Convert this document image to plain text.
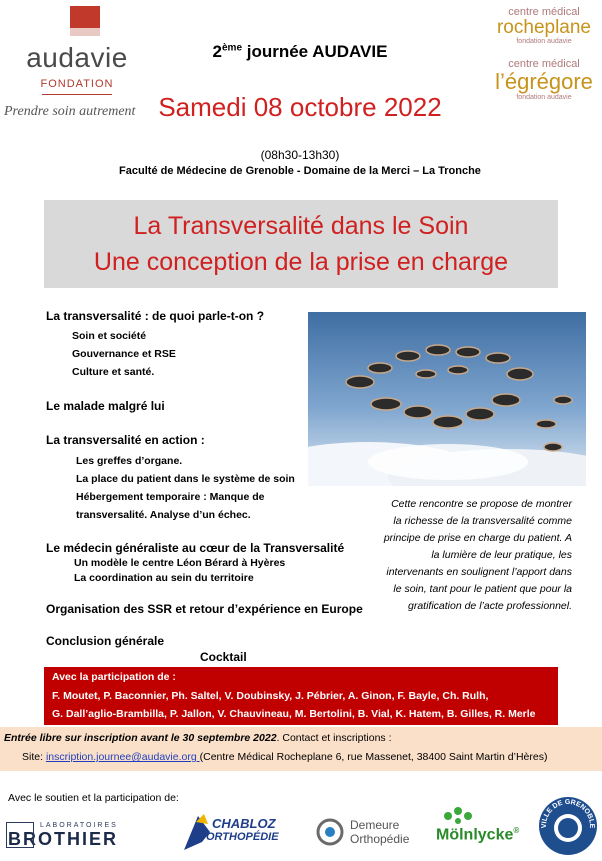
audavie
FONDATION
Prendre soin autrement
centre médical
rocheplane
fondation audavie
centre médical
l’égrégore
fondation audavie
2ème journée AUDAVIE
Samedi 08 octobre 2022
(08h30-13h30)
Faculté de Médecine de Grenoble - Domaine de la Merci – La Tronche
La Transversalité dans le Soin
Une conception de la prise en charge
La transversalité : de quoi parle-t-on ?
Soin et société
Gouvernance et RSE
Culture et santé.
Le malade malgré lui
La transversalité en action :
Les greffes d’organe.
La place du patient dans le système de soin
Hébergement temporaire : Manque de
transversalité. Analyse d’un échec.
Le médecin généraliste au cœur de la Transversalité
Un modèle le centre Léon Bérard à Hyères
La coordination au sein du territoire
Organisation des SSR et retour d’expérience en Europe
Conclusion générale
Cocktail
Cette rencontre se propose de montrer la richesse de la transversalité comme principe de prise en charge du patient. A la lumière de leur pratique, les intervenants en soulignent l’apport dans le soin, tant pour le patient que pour la gratification de l’acte professionnel.
Avec la participation de :
F. Moutet, P. Baconnier, Ph. Saltel, V. Doubinsky, J. Pébrier, A. Ginon, F. Bayle, Ch. Rulh,
G. Dall’aglio-Brambilla, P. Jallon, V. Chauvineau, M. Bertolini, B. Vial, K. Hatem, B. Gilles, R. Merle
Entrée libre sur inscription avant le 30 septembre 2022. Contact et inscriptions :
Site: inscription.journee@audavie.org (Centre Médical Rocheplane 6, rue Massenet, 38400 Saint Martin d’Hères)
Avec le soutien et la participation de:
LABORATOIRES
BROTHIER
CHABLOZ
ORTHOPÉDIE
Demeure
Orthopédie Mölnlycke®
VILLE DE GRENOBLE
